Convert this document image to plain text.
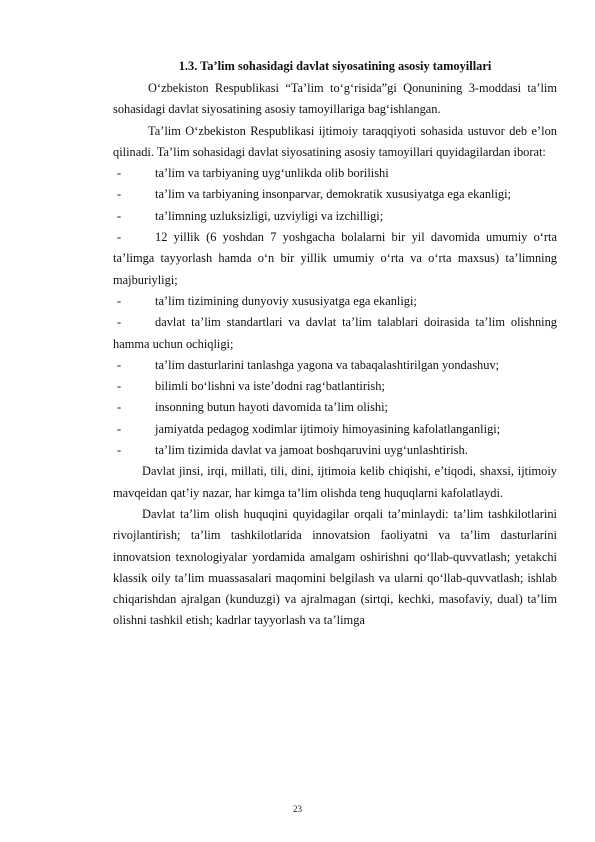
1.3. Ta’lim sohasidagi davlat siyosatining asosiy tamoyillari

O‘zbekiston Respublikasi “Ta’lim to‘g‘risida”gi Qonunining 3-moddasi ta’lim sohasidagi davlat siyosatining asosiy tamoyillariga bag‘ishlangan.

Ta’lim O‘zbekiston Respublikasi ijtimoiy taraqqiyoti sohasida ustuvor deb e’lon qilinadi. Ta’lim sohasidagi davlat siyosatining asosiy tamoyillari quyidagilardan iborat:

-	ta’lim va tarbiyaning uyg‘unlikda olib borilishi
-	ta’lim va tarbiyaning insonparvar, demokratik xususiyatga ega ekanligi;
-	ta’limning uzluksizligi, uzviyligi va izchilligi;
-	12 yillik (6 yoshdan 7 yoshgacha bolalarni bir yil davomida umumiy o‘rta ta’limga tayyorlash hamda o‘n bir yillik umumiy o‘rta va o‘rta maxsus) ta’limning majburiyligi;
-	ta’lim tizimining dunyoviy xususiyatga ega ekanligi;
-	davlat ta’lim standartlari va davlat ta’lim talablari doirasida ta’lim olishning hamma uchun ochiqligi;
-	ta’lim dasturlarini tanlashga yagona va tabaqalashtirilgan yondashuv;
-	bilimli bo‘lishni va iste’dodni rag‘batlantirish;
-	insonning butun hayoti davomida ta’lim olishi;
-	jamiyatda pedagog xodimlar ijtimoiy himoyasining kafolatlanganligi;
-	ta’lim tizimida davlat va jamoat boshqaruvini uyg‘unlashtirish.

Davlat jinsi, irqi, millati, tili, dini, ijtimoia kelib chiqishi, e’tiqodi, shaxsi, ijtimoiy mavqeidan qat’iy nazar, har kimga ta’lim olishda teng huquqlarni kafolatlaydi.

Davlat ta’lim olish huquqini quyidagilar orqali ta’minlaydi: ta’lim tashkilotlarini rivojlantirish; ta’lim tashkilotlarida innovatsion faoliyatni va ta’lim dasturlarini innovatsion texnologiyalar yordamida amalgam oshirishni qo‘llab-quvvatlash; yetakchi klassik oily ta’lim muassasalari maqomini belgilash va ularni qo‘llab-quvvatlash; ishlab chiqarishdan ajralgan (kunduzgi) va ajralmagan (sirtqi, kechki, masofaviy, dual) ta’lim olishni tashkil etish; kadrlar tayyorlash va ta’limga

23
